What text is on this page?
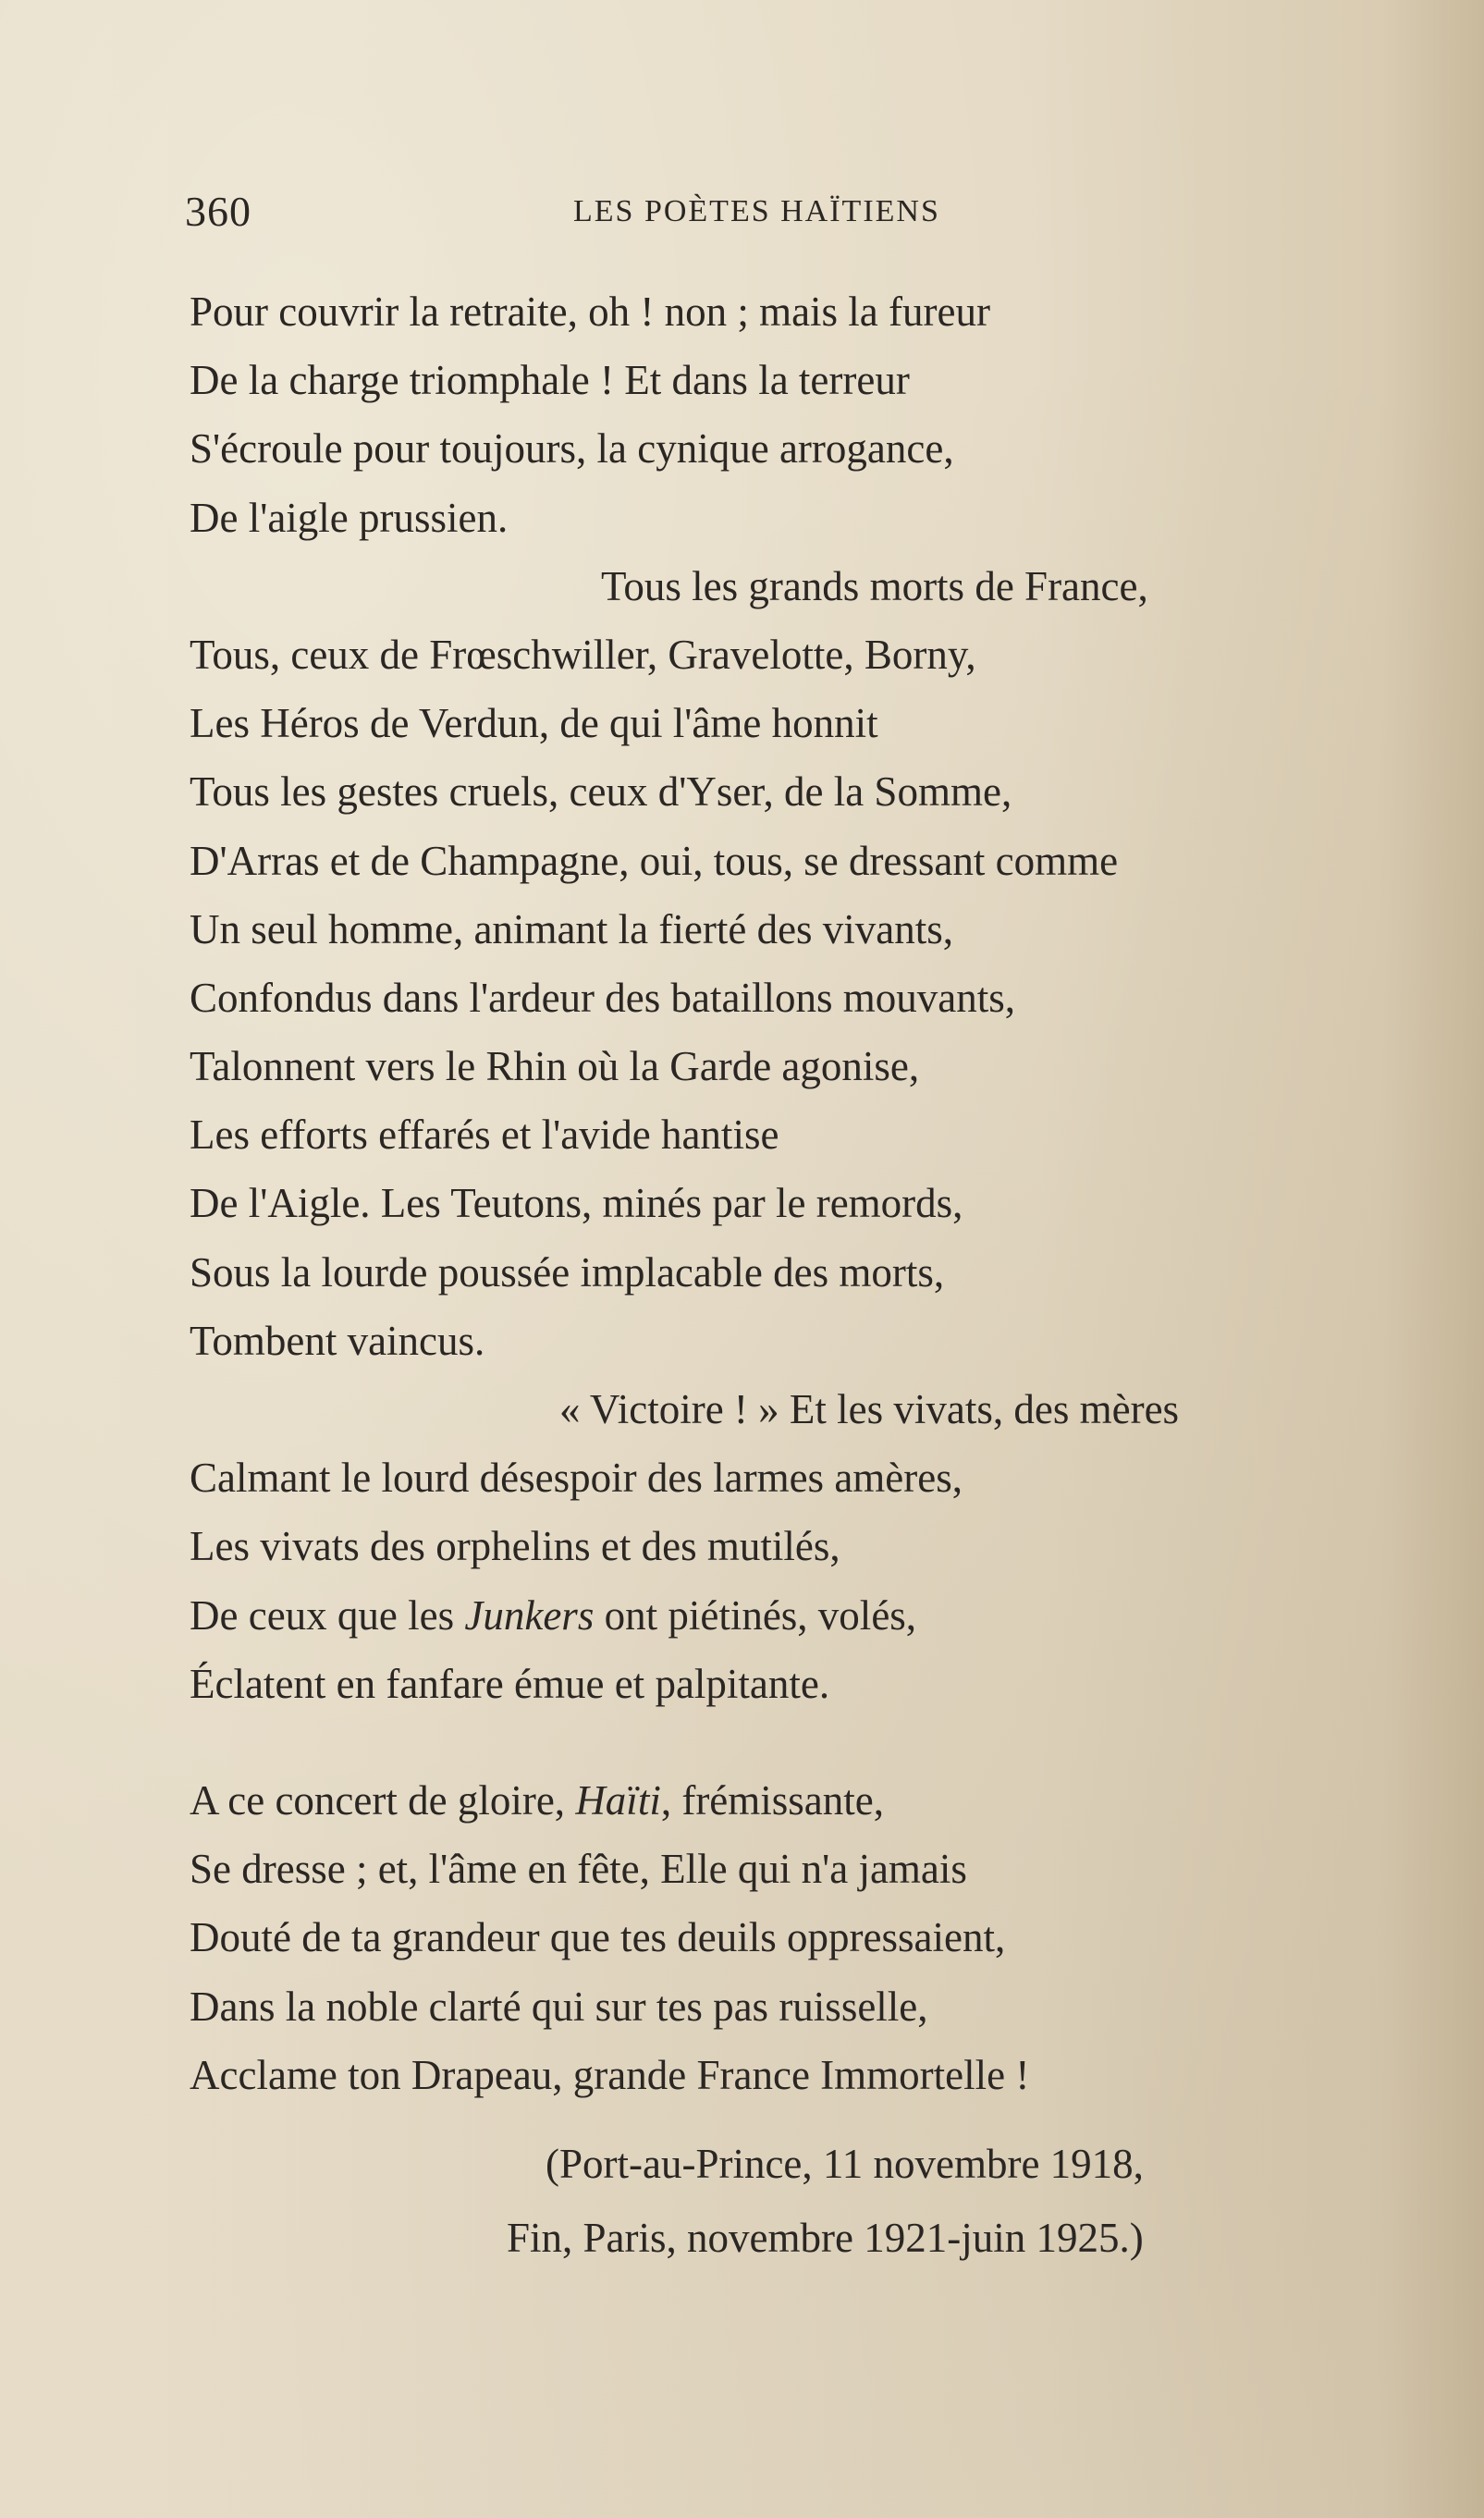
360	LES POÈTES HAÏTIENS
Pour couvrir la retraite, oh ! non ; mais la fureur
De la charge triomphale ! Et dans la terreur
S'écroule pour toujours, la cynique arrogance,
De l'aigle prussien.
Tous les grands morts de France,
Tous, ceux de Frœschwiller, Gravelotte, Borny,
Les Héros de Verdun, de qui l'âme honnit
Tous les gestes cruels, ceux d'Yser, de la Somme,
D'Arras et de Champagne, oui, tous, se dressant comme
Un seul homme, animant la fierté des vivants,
Confondus dans l'ardeur des bataillons mouvants,
Talonnent vers le Rhin où la Garde agonise,
Les efforts effarés et l'avide hantise
De l'Aigle. Les Teutons, minés par le remords,
Sous la lourde poussée implacable des morts,
Tombent vaincus.
« Victoire ! » Et les vivats, des mères
Calmant le lourd désespoir des larmes amères,
Les vivats des orphelins et des mutilés,
De ceux que les Junkers ont piétinés, volés,
Éclatent en fanfare émue et palpitante.
A ce concert de gloire, Haïti, frémissante,
Se dresse ; et, l'âme en fête, Elle qui n'a jamais
Douté de ta grandeur que tes deuils oppressaient,
Dans la noble clarté qui sur tes pas ruisselle,
Acclame ton Drapeau, grande France Immortelle !
(Port-au-Prince, 11 novembre 1918,
Fin, Paris, novembre 1921-juin 1925.)
